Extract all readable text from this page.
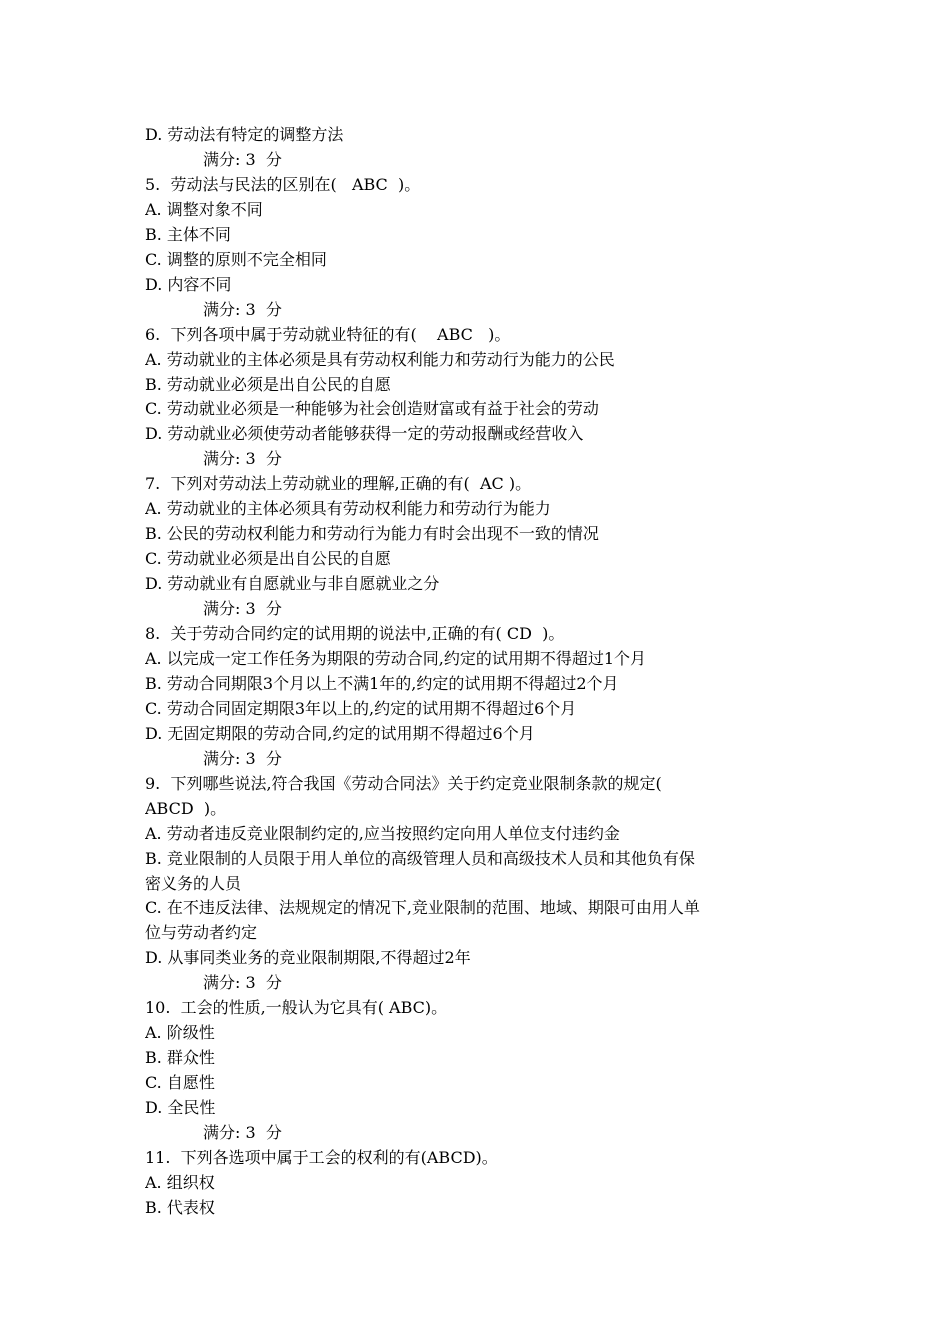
D. 劳动法有特定的调整方法
满分: 3  分
5.  劳动法与民法的区别在(   ABC  )。
A. 调整对象不同
B. 主体不同
C. 调整的原则不完全相同
D. 内容不同
满分: 3  分
6.  下列各项中属于劳动就业特征的有(    ABC   )。
A. 劳动就业的主体必须是具有劳动权利能力和劳动行为能力的公民
B. 劳动就业必须是出自公民的自愿
C. 劳动就业必须是一种能够为社会创造财富或有益于社会的劳动
D. 劳动就业必须使劳动者能够获得一定的劳动报酬或经营收入
满分: 3  分
7.  下列对劳动法上劳动就业的理解,正确的有(  AC )。
A. 劳动就业的主体必须具有劳动权利能力和劳动行为能力
B. 公民的劳动权利能力和劳动行为能力有时会出现不一致的情况
C. 劳动就业必须是出自公民的自愿
D. 劳动就业有自愿就业与非自愿就业之分
满分: 3  分
8.  关于劳动合同约定的试用期的说法中,正确的有( CD  )。
A. 以完成一定工作任务为期限的劳动合同,约定的试用期不得超过1个月
B. 劳动合同期限3个月以上不满1年的,约定的试用期不得超过2个月
C. 劳动合同固定期限3年以上的,约定的试用期不得超过6个月
D. 无固定期限的劳动合同,约定的试用期不得超过6个月
满分: 3  分
9.  下列哪些说法,符合我国《劳动合同法》关于约定竞业限制条款的规定(
ABCD  )。
A. 劳动者违反竞业限制约定的,应当按照约定向用人单位支付违约金
B. 竞业限制的人员限于用人单位的高级管理人员和高级技术人员和其他负有保
密义务的人员
C. 在不违反法律、法规规定的情况下,竞业限制的范围、地域、期限可由用人单
位与劳动者约定
D. 从事同类业务的竞业限制期限,不得超过2年
满分: 3  分
10.  工会的性质,一般认为它具有( ABC)。
A. 阶级性
B. 群众性
C. 自愿性
D. 全民性
满分: 3  分
11.  下列各选项中属于工会的权利的有(ABCD)。
A. 组织权
B. 代表权
